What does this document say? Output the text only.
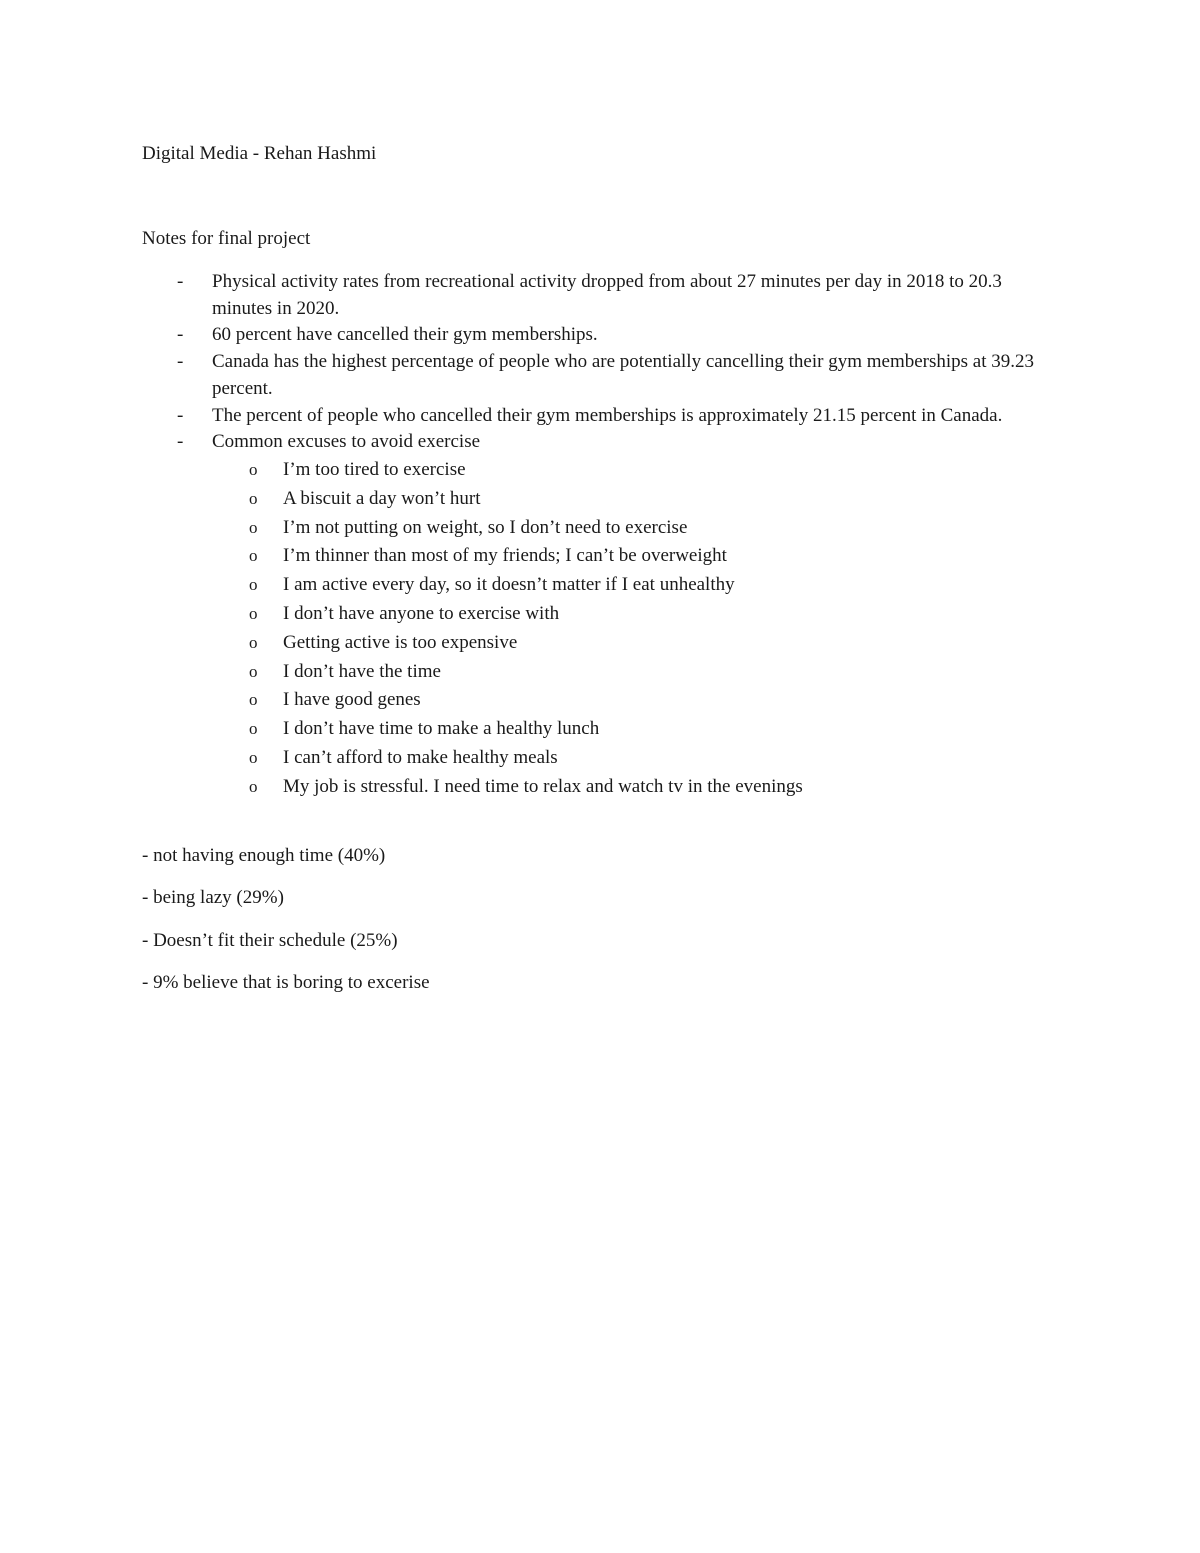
Digital Media - Rehan Hashmi
Notes for final project
- Physical activity rates from recreational activity dropped from about 27 minutes per day in 2018 to 20.3 minutes in 2020.
- 60 percent have cancelled their gym memberships.
- Canada has the highest percentage of people who are potentially cancelling their gym memberships at 39.23 percent.
- The percent of people who cancelled their gym memberships is approximately 21.15 percent in Canada.
- Common excuses to avoid exercise
o I’m too tired to exercise
o A biscuit a day won’t hurt
o I’m not putting on weight, so I don’t need to exercise
o I’m thinner than most of my friends; I can’t be overweight
o I am active every day, so it doesn’t matter if I eat unhealthy
o I don’t have anyone to exercise with
o Getting active is too expensive
o I don’t have the time
o I have good genes
o I don’t have time to make a healthy lunch
o I can’t afford to make healthy meals
o My job is stressful. I need time to relax and watch tv in the evenings
- not having enough time (40%)
- being lazy (29%)
- Doesn’t fit their schedule (25%)
- 9% believe that is boring to excerise
